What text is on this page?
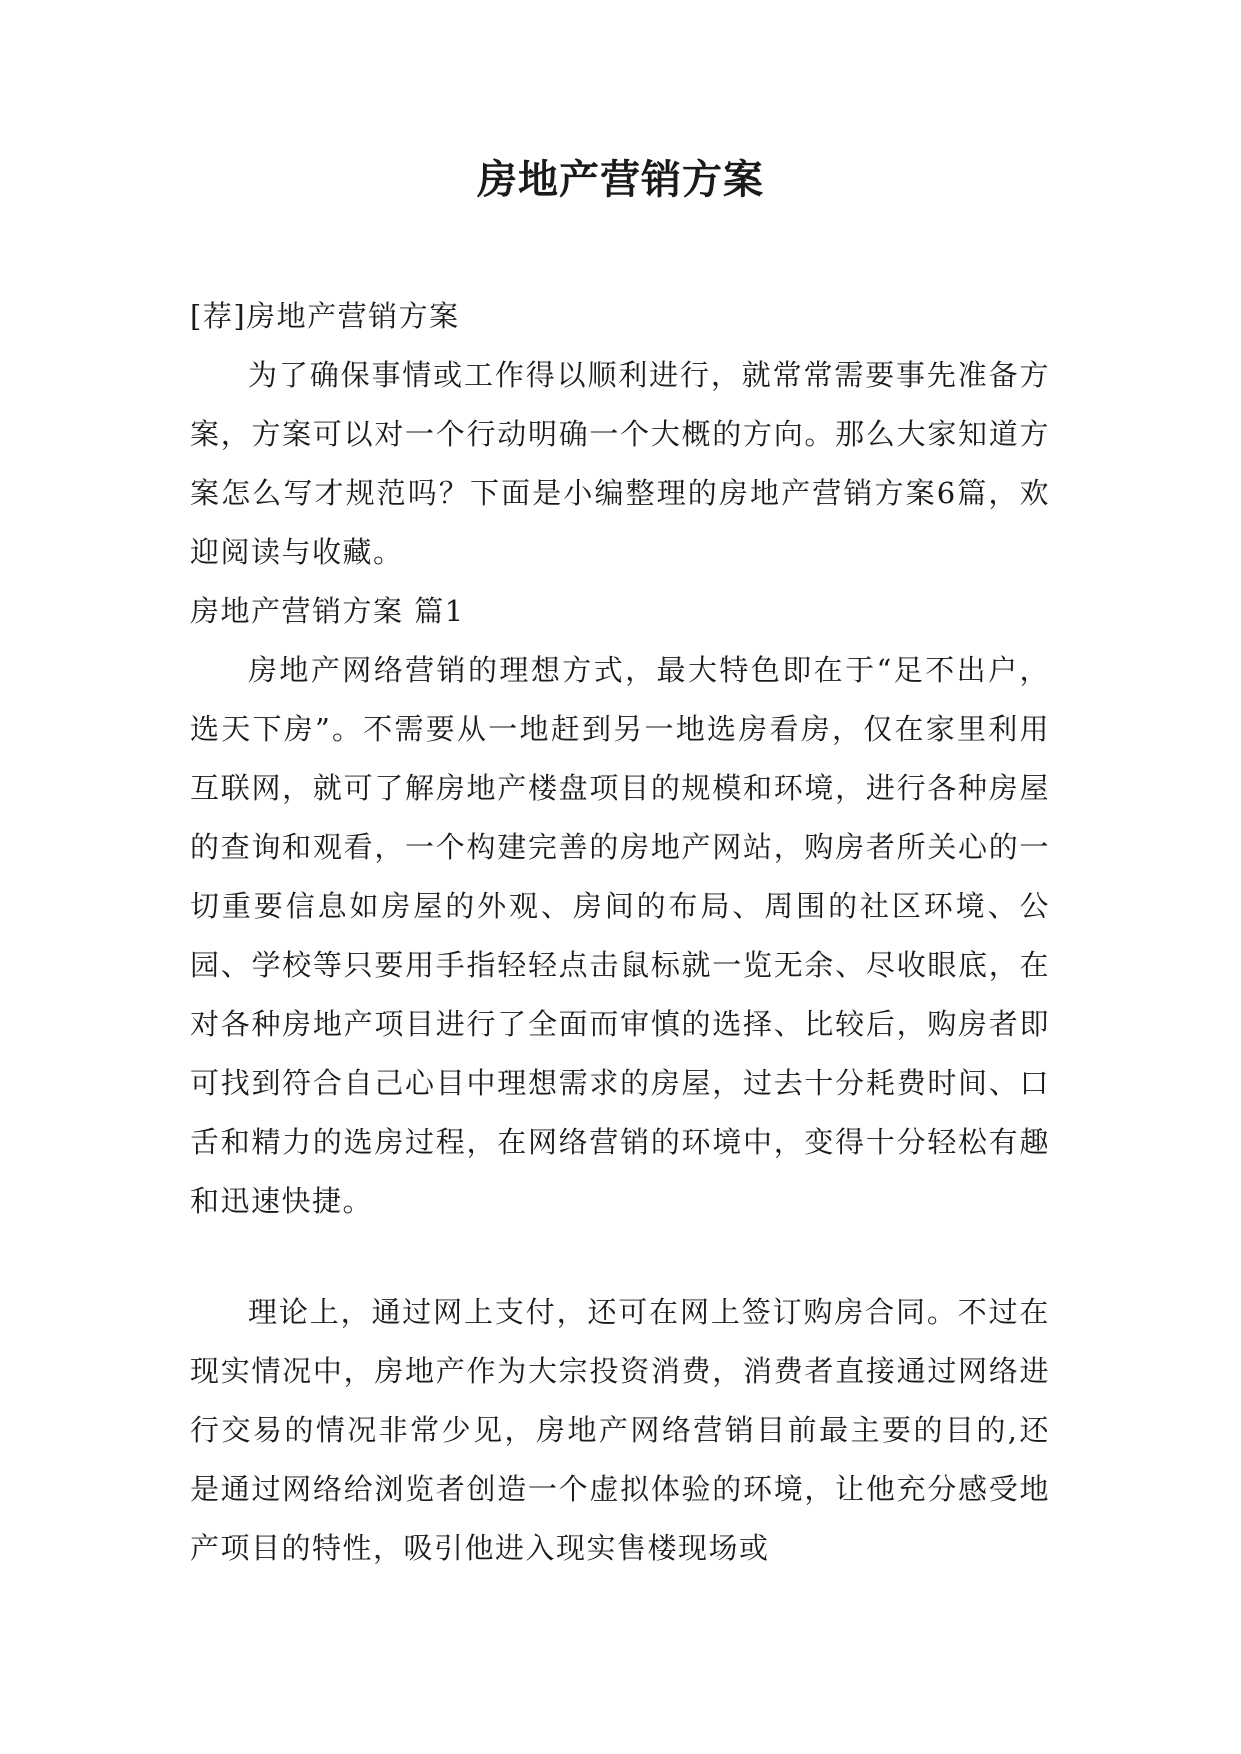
房地产营销方案

[荐]房地产营销方案

为了确保事情或工作得以顺利进行，就常常需要事先准备方案，方案可以对一个行动明确一个大概的方向。那么大家知道方案怎么写才规范吗？下面是小编整理的房地产营销方案6篇，欢迎阅读与收藏。

房地产营销方案 篇1

房地产网络营销的理想方式，最大特色即在于“足不出户，选天下房”。不需要从一地赶到另一地选房看房，仅在家里利用互联网，就可了解房地产楼盘项目的规模和环境，进行各种房屋的查询和观看，一个构建完善的房地产网站，购房者所关心的一切重要信息如房屋的外观、房间的布局、周围的社区环境、公园、学校等只要用手指轻轻点击鼠标就一览无余、尽收眼底，在对各种房地产项目进行了全面而审慎的选择、比较后，购房者即可找到符合自己心目中理想需求的房屋，过去十分耗费时间、口舌和精力的选房过程，在网络营销的环境中，变得十分轻松有趣和迅速快捷。

理论上，通过网上支付，还可在网上签订购房合同。不过在现实情况中，房地产作为大宗投资消费，消费者直接通过网络进行交易的情况非常少见，房地产网络营销目前最主要的目的,还是通过网络给浏览者创造一个虚拟体验的环境，让他充分感受地产项目的特性，吸引他进入现实售楼现场或
